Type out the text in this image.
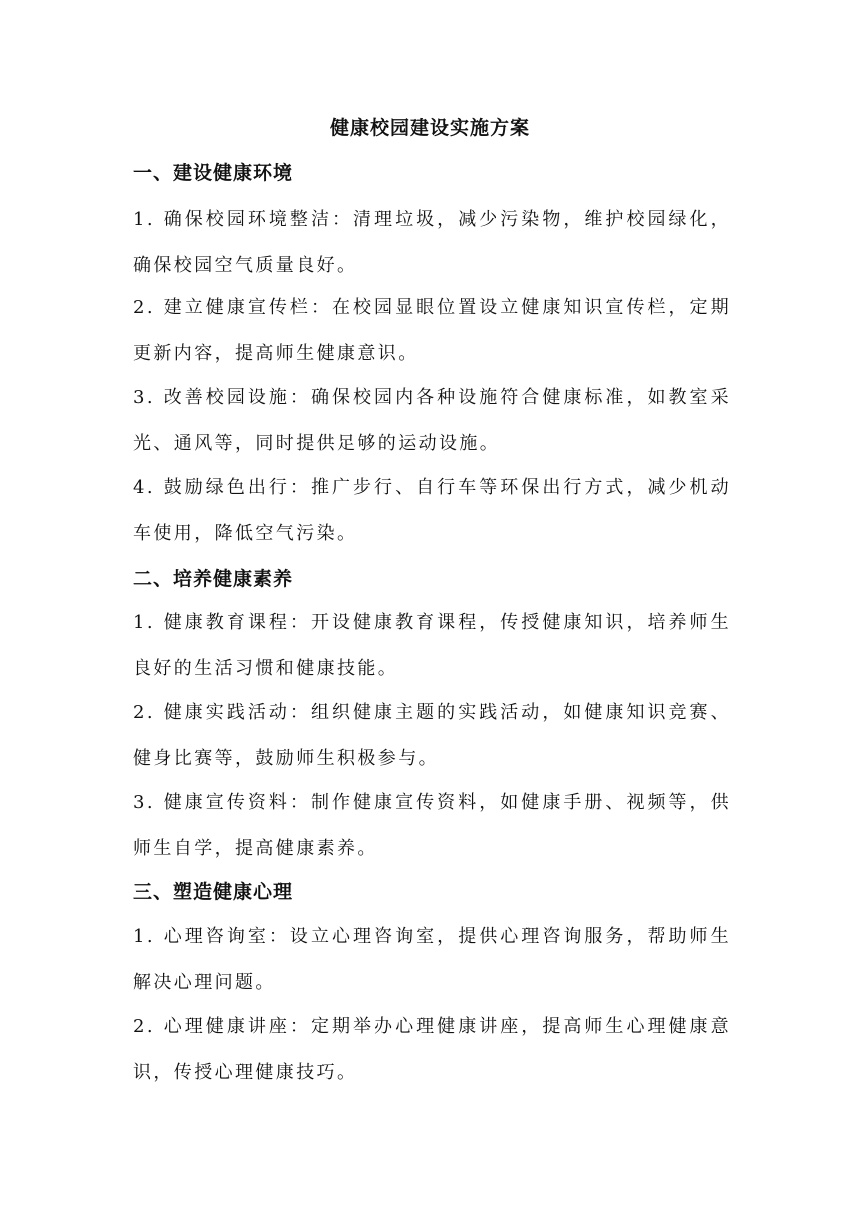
健康校园建设实施方案
一、建设健康环境
1. 确保校园环境整洁：清理垃圾，减少污染物，维护校园绿化，确保校园空气质量良好。
2. 建立健康宣传栏：在校园显眼位置设立健康知识宣传栏，定期更新内容，提高师生健康意识。
3. 改善校园设施：确保校园内各种设施符合健康标准，如教室采光、通风等，同时提供足够的运动设施。
4. 鼓励绿色出行：推广步行、自行车等环保出行方式，减少机动车使用，降低空气污染。
二、培养健康素养
1. 健康教育课程：开设健康教育课程，传授健康知识，培养师生良好的生活习惯和健康技能。
2. 健康实践活动：组织健康主题的实践活动，如健康知识竞赛、健身比赛等，鼓励师生积极参与。
3. 健康宣传资料：制作健康宣传资料，如健康手册、视频等，供师生自学，提高健康素养。
三、塑造健康心理
1. 心理咨询室：设立心理咨询室，提供心理咨询服务，帮助师生解决心理问题。
2. 心理健康讲座：定期举办心理健康讲座，提高师生心理健康意识，传授心理健康技巧。
